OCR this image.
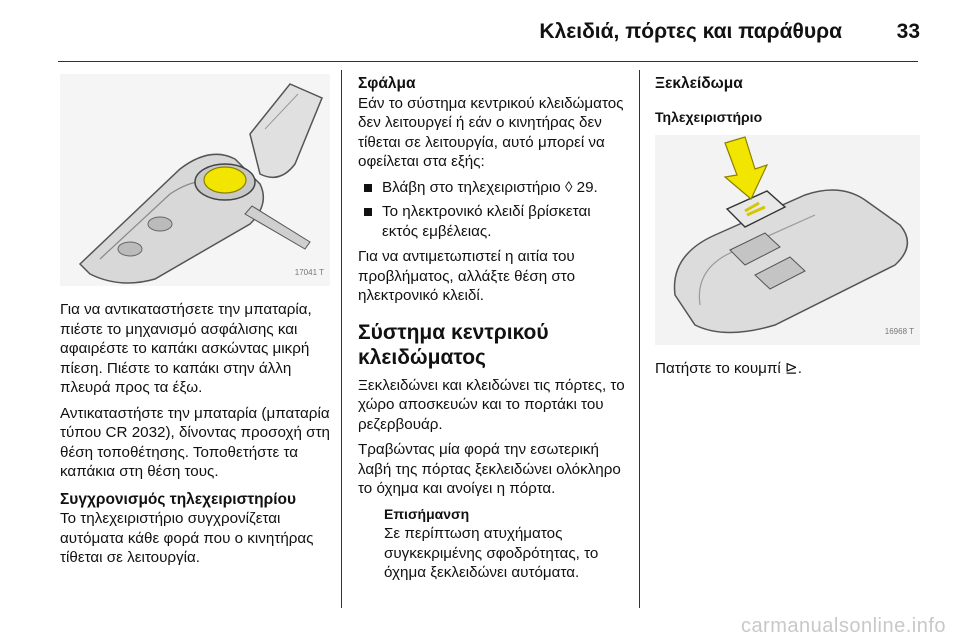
Κλειδιά, πόρτες και παράθυρα	33
17041 T

Για να αντικαταστήσετε την μπαταρία, πιέστε το μηχανισμό ασφάλισης και αφαιρέστε το καπάκι ασκώντας μικρή πίεση. Πιέστε το καπάκι στην άλλη πλευρά προς τα έξω.

Αντικαταστήστε την μπαταρία (μπαταρία τύπου CR 2032), δίνοντας προσοχή στη θέση τοποθέτησης. Τοποθετήστε τα καπάκια στη θέση τους.

Συγχρονισμός τηλεχειριστηρίου

Το τηλεχειριστήριο συγχρονίζεται αυτόματα κάθε φορά που ο κινητήρας τίθεται σε λειτουργία.

Σφάλμα

Εάν το σύστημα κεντρικού κλειδώματος δεν λειτουργεί ή εάν ο κινητήρας δεν τίθεται σε λειτουργία, αυτό μπορεί να οφείλεται στα εξής:

Βλάβη στο τηλεχειριστήριο ◊ 29.
Το ηλεκτρονικό κλειδί βρίσκεται εκτός εμβέλειας.

Για να αντιμετωπιστεί η αιτία του προβλήματος, αλλάξτε θέση στο ηλεκτρονικό κλειδί.

Σύστημα κεντρικού κλειδώματος

Ξεκλειδώνει και κλειδώνει τις πόρτες, το χώρο αποσκευών και το πορτάκι του ρεζερβουάρ.

Τραβώντας μία φορά την εσωτερική λαβή της πόρτας ξεκλειδώνει ολόκληρο το όχημα και ανοίγει η πόρτα.

Επισήμανση

Σε περίπτωση ατυχήματος συγκεκριμένης σφοδρότητας, το όχημα ξεκλειδώνει αυτόματα.

Ξεκλείδωμα
Τηλεχειριστήριο
16968 T

Πατήστε το κουμπί ⊵.

carmanualsonline.info
